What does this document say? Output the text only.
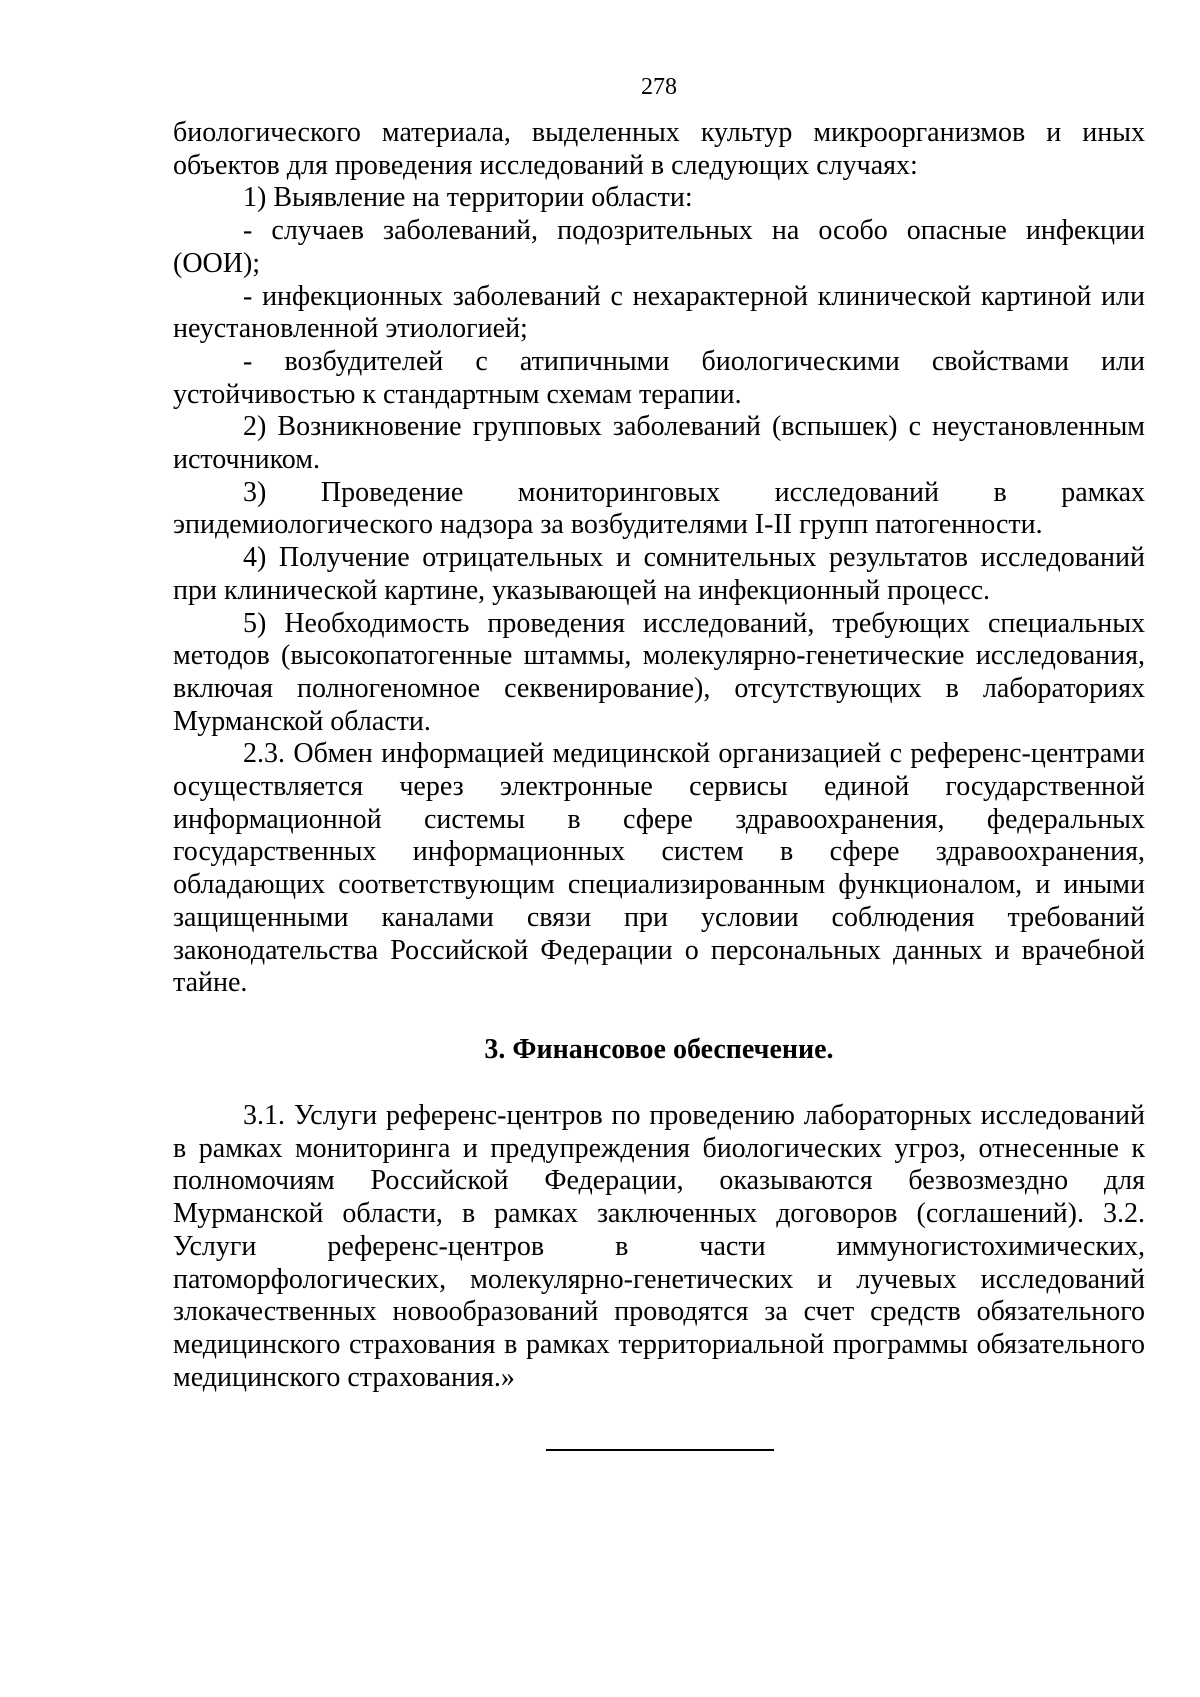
278

биологического материала, выделенных культур микроорганизмов и иных объектов для проведения исследований в следующих случаях:

1) Выявление на территории области:

- случаев заболеваний, подозрительных на особо опасные инфекции (ООИ);

- инфекционных заболеваний с нехарактерной клинической картиной или неустановленной этиологией;

- возбудителей с атипичными биологическими свойствами или устойчивостью к стандартным схемам терапии.

2) Возникновение групповых заболеваний (вспышек) с неустановленным источником.

3) Проведение мониторинговых исследований в рамках эпидемиологического надзора за возбудителями I-II групп патогенности.

4) Получение отрицательных и сомнительных результатов исследований при клинической картине, указывающей на инфекционный процесс.

5) Необходимость проведения исследований, требующих специальных методов (высокопатогенные штаммы, молекулярно-генетические исследования, включая полногеномное секвенирование), отсутствующих в лабораториях Мурманской области.

2.3. Обмен информацией медицинской организацией с референс-центрами осуществляется через электронные сервисы единой государственной информационной системы в сфере здравоохранения, федеральных государственных информационных систем в сфере здравоохранения, обладающих соответствующим специализированным функционалом, и иными защищенными каналами связи при условии соблюдения требований законодательства Российской Федерации о персональных данных и врачебной тайне.

3. Финансовое обеспечение.

3.1. Услуги референс-центров по проведению лабораторных исследований в рамках мониторинга и предупреждения биологических угроз, отнесенные к полномочиям Российской Федерации, оказываются безвозмездно для Мурманской области, в рамках заключенных договоров (соглашений). 3.2. Услуги референс-центров в части иммуногистохимических, патоморфологических, молекулярно-генетических и лучевых исследований злокачественных новообразований проводятся за счет средств обязательного медицинского страхования в рамках территориальной программы обязательного медицинского страхования.»
